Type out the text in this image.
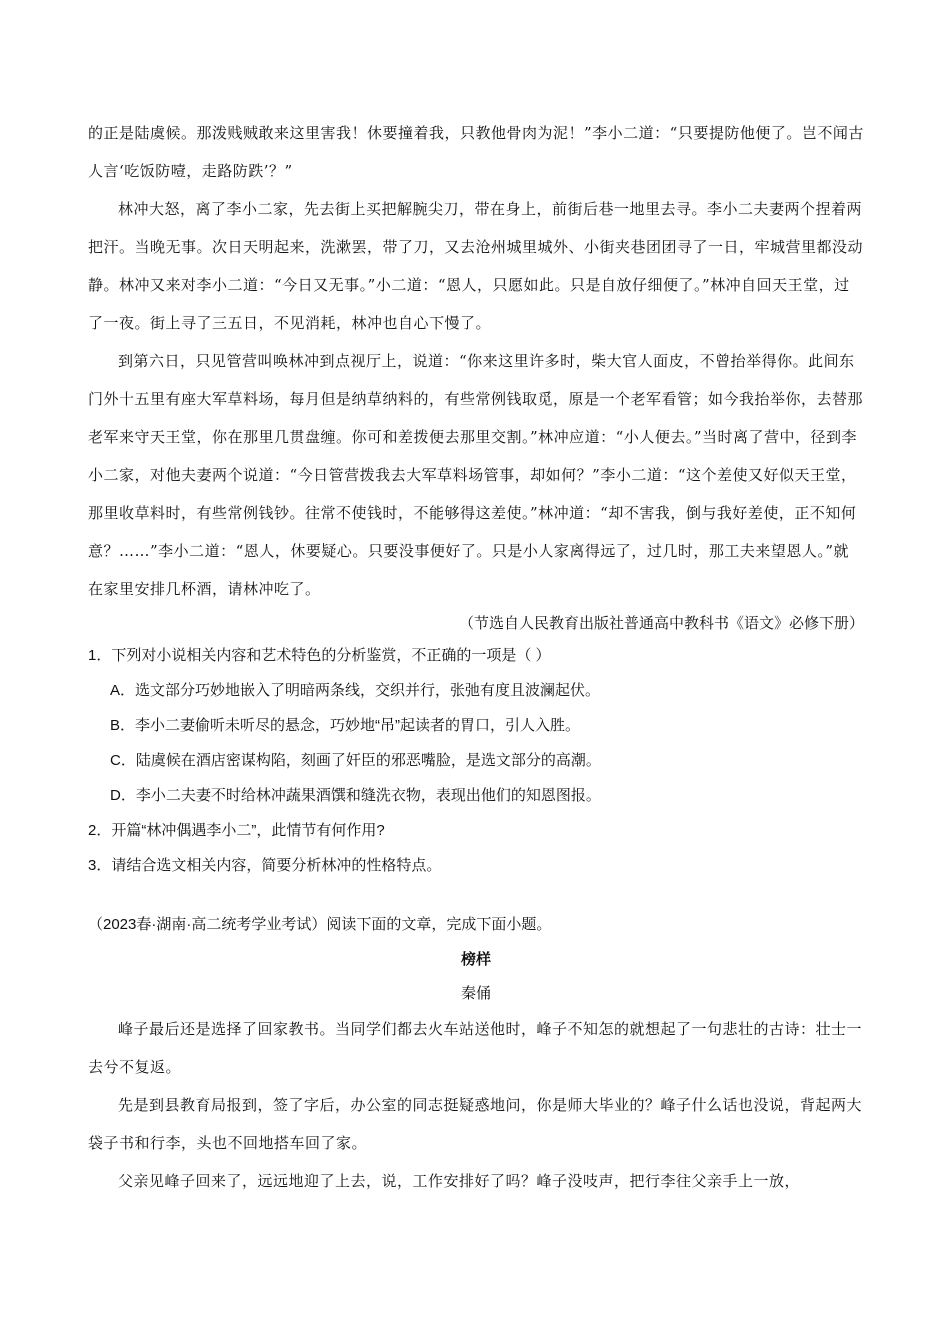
的正是陆虞候。那泼贱贼敢来这里害我！休要撞着我，只教他骨肉为泥！”李小二道：“只要提防他便了。岂不闻古人言‘吃饭防噎，走路防跌’？”

林冲大怒，离了李小二家，先去街上买把解腕尖刀，带在身上，前街后巷一地里去寻。李小二夫妻两个捏着两把汗。当晚无事。次日天明起来，洗漱罢，带了刀，又去沧州城里城外、小街夹巷团团寻了一日，牢城营里都没动静。林冲又来对李小二道：“今日又无事。”小二道：“恩人，只愿如此。只是自放仔细便了。”林冲自回天王堂，过了一夜。街上寻了三五日，不见消耗，林冲也自心下慢了。

到第六日，只见管营叫唤林冲到点视厅上，说道：“你来这里许多时，柴大官人面皮，不曾抬举得你。此间东门外十五里有座大军草料场，每月但是纳草纳料的，有些常例钱取觅，原是一个老军看管；如今我抬举你，去替那老军来守天王堂，你在那里几贯盘缠。你可和差拨便去那里交割。”林冲应道：“小人便去。”当时离了营中，径到李小二家，对他夫妻两个说道：“今日管营拨我去大军草料场管事，却如何？”李小二道：“这个差使又好似天王堂，那里收草料时，有些常例钱钞。往常不使钱时，不能够得这差使。”林冲道：“却不害我，倒与我好差使，正不知何意？……”李小二道：“恩人，休要疑心。只要没事便好了。只是小人家离得远了，过几时，那工夫来望恩人。”就在家里安排几杯酒，请林冲吃了。

（节选自人民教育出版社普通高中教科书《语文》必修下册）

1．下列对小说相关内容和艺术特色的分析鉴赏，不正确的一项是（ ）

A．选文部分巧妙地嵌入了明暗两条线，交织并行，张弛有度且波澜起伏。

B．李小二妻偷听未听尽的悬念，巧妙地“吊”起读者的胃口，引人入胜。

C．陆虞候在酒店密谋构陷，刻画了奸臣的邪恶嘴脸，是选文部分的高潮。

D．李小二夫妻不时给林冲蔬果酒馔和缝洗衣物，表现出他们的知恩图报。

2．开篇“林冲偶遇李小二”，此情节有何作用?

3．请结合选文相关内容，简要分析林冲的性格特点。

（2023春·湖南·高二统考学业考试）阅读下面的文章，完成下面小题。

榜样

秦俑

峰子最后还是选择了回家教书。当同学们都去火车站送他时，峰子不知怎的就想起了一句悲壮的古诗：壮士一去兮不复返。

先是到县教育局报到，签了字后，办公室的同志挺疑惑地问，你是师大毕业的？峰子什么话也没说，背起两大袋子书和行李，头也不回地搭车回了家。

父亲见峰子回来了，远远地迎了上去，说，工作安排好了吗？峰子没吱声，把行李往父亲手上一放，
